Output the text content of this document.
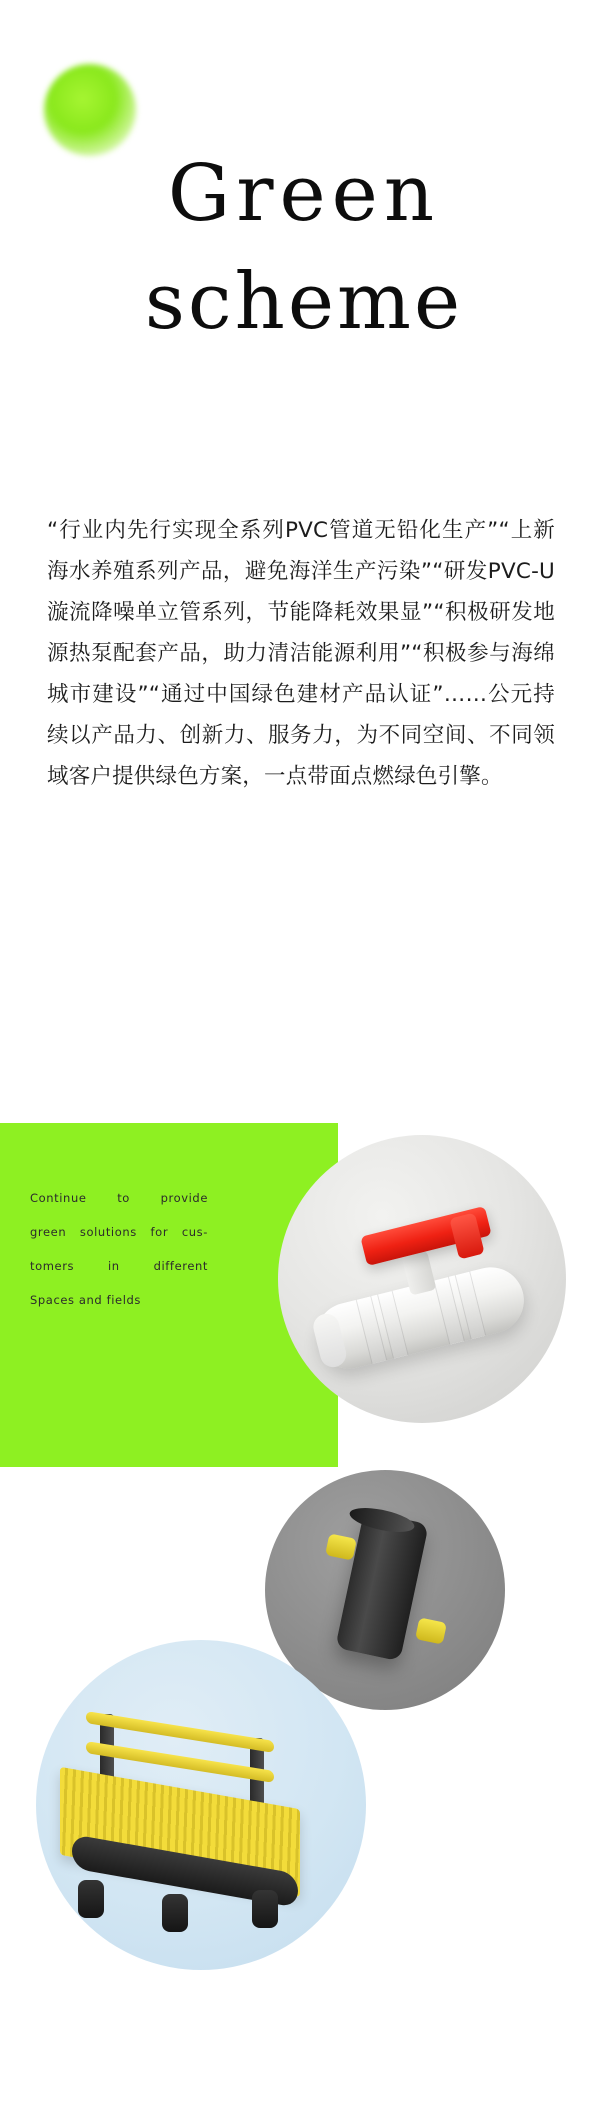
Green
scheme
“行业内先行实现全系列PVC管道无铅化生产”“上新海水养殖系列产品，避免海洋生产污染”“研发PVC-U漩流降噪单立管系列，节能降耗效果显”“积极研发地源热泵配套产品，助力清洁能源利用”“积极参与海绵城市建设”“通过中国绿色建材产品认证”……公元持续以产品力、创新力、服务力，为不同空间、不同领域客户提供绿色方案，一点带面点燃绿色引擎。
Continue to provide
green solutions for cus-
tomers in different
Spaces and fields
